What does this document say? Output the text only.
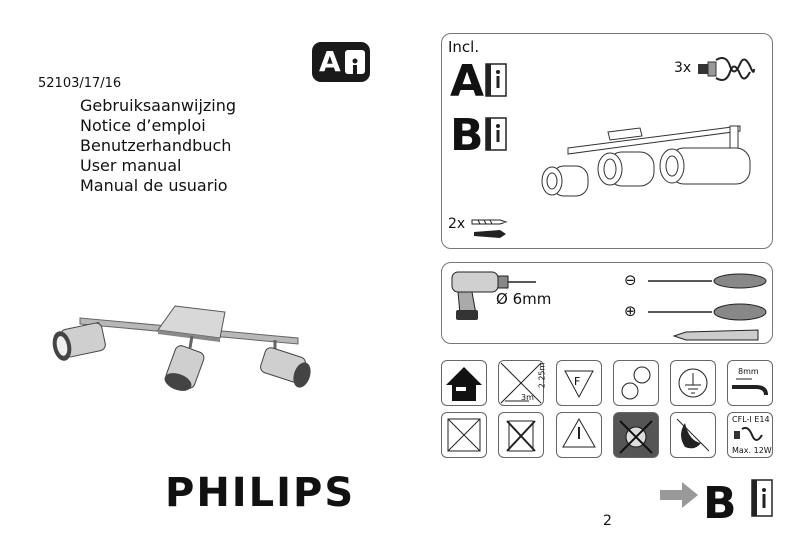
52103/17/16
Gebruiksaanwijzing
Notice d’emploi
Benutzerhandbuch
User manual
Manual de usuario
A
PHILIPS
Incl.
A
B
3x
2x
Ø 6mm
⊖
⊕
3m
2.25m	F
8mm
CFL-I E14
Max. 12W
2 B
